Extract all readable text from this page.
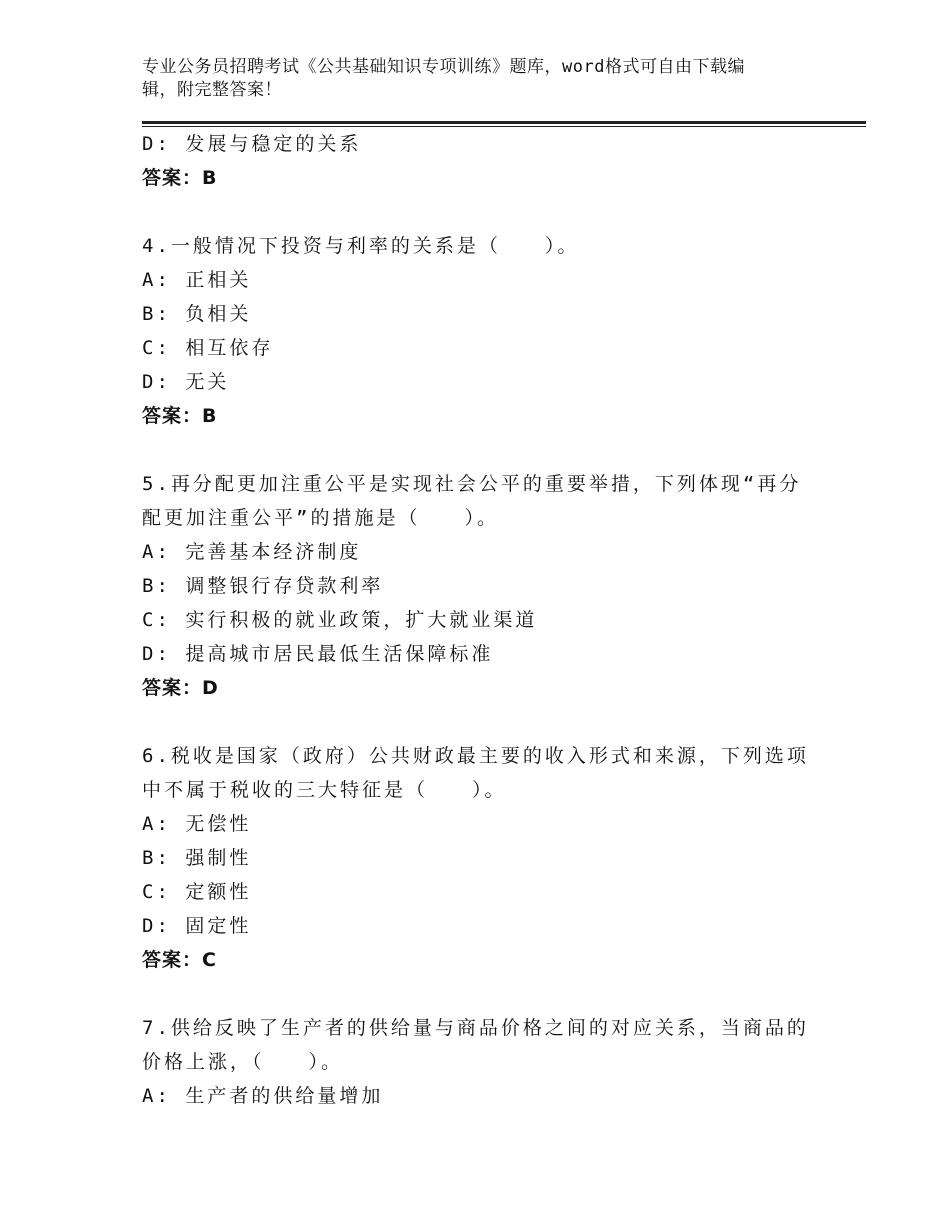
专业公务员招聘考试《公共基础知识专项训练》题库，word格式可自由下载编
辑，附完整答案！
D: 发展与稳定的关系
答案：B
4.一般情况下投资与利率的关系是（　　）。
A: 正相关
B: 负相关
C: 相互依存
D: 无关
答案：B
5.再分配更加注重公平是实现社会公平的重要举措，下列体现“再分
配更加注重公平”的措施是（　　）。
A: 完善基本经济制度
B: 调整银行存贷款利率
C: 实行积极的就业政策，扩大就业渠道
D: 提高城市居民最低生活保障标准
答案：D
6.税收是国家（政府）公共财政最主要的收入形式和来源，下列选项
中不属于税收的三大特征是（　　）。
A: 无偿性
B: 强制性
C: 定额性
D: 固定性
答案：C
7.供给反映了生产者的供给量与商品价格之间的对应关系，当商品的
价格上涨，（　　）。
A: 生产者的供给量增加
